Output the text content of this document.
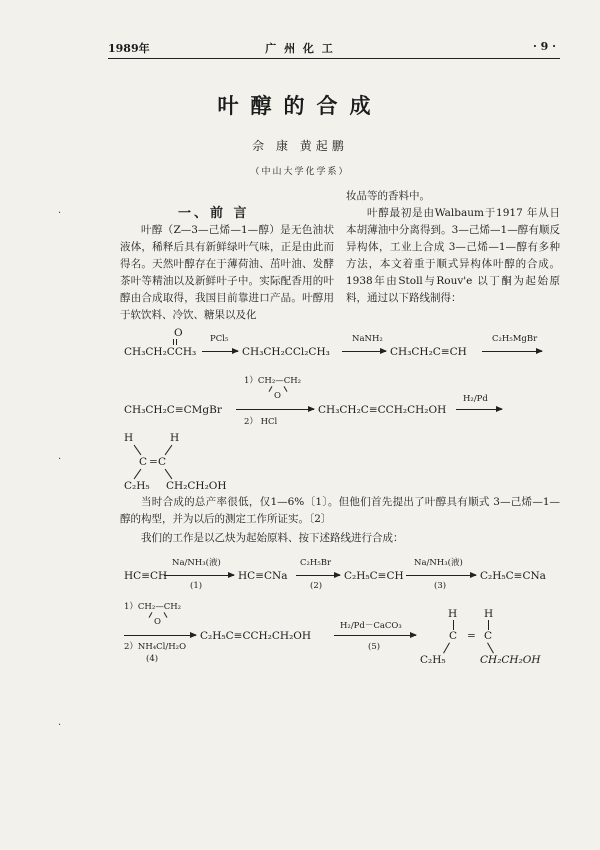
1989年	广 州 化 工	· 9 ·
叶醇的合成
佘 康 黄起鹏
（中山大学化学系）
一、前 言

叶醇（Z—3—己烯—1—醇）是无色油状液体，稀释后具有新鲜绿叶气味，正是由此而得名。天然叶醇存在于薄荷油、茁叶油、发酵茶叶等精油以及新鲜叶子中。实际配香用的叶醇由合成取得，我国目前靠进口产品。叶醇用于软饮料、冷饮、糖果以及化

妆品等的香料中。

叶醇最初是由Walbaum于1917 年从日本胡薄油中分离得到。3—己烯—1—醇有顺反异构体，工业上合成 3—己烯—1—醇有多种方法，本文着重于顺式异构体叶醇的合成。1938年由Stoll与Rouv'e 以丁酮为起始原料，通过以下路线制得：

O
CH₃CH₂CCH₃
PCl₅
→ CH₃CH₂CCl₂CH₃
NaNH₂
→ CH₃CH₂C≡CH
C₂H₅MgBr
1）CH₂—CH₂
O
CH₃CH₂C≡CMgBr
2） HCl
CH₃CH₂C≡CCH₂CH₂OH
H₂/Pd
H	H
C = C
C₂H₅ CH₂CH₂OH

当时合成的总产率很低，仅1—6%〔1〕。但他们首先提出了叶醇具有顺式 3—己烯—1—醇的构型，并为以后的测定工作所证实。〔2〕

我们的工作是以乙炔为起始原料、按下述路线进行合成：

HC≡CH
Na/NH₃(液)
(1)
HC≡CNa
C₂H₅Br
(2)
C₂H₅C≡CH
Na/NH₃(液)
(3)
C₂H₅C≡CNa
1）CH₂—CH₂
O
2）NH₄Cl/H₂O
(4)
C₂H₅C≡CCH₂CH₂OH
H₂/Pd－CaCO₃
(5)
H	H
C = C
C₂H₅	CH₂CH₂OH
·
·
·
